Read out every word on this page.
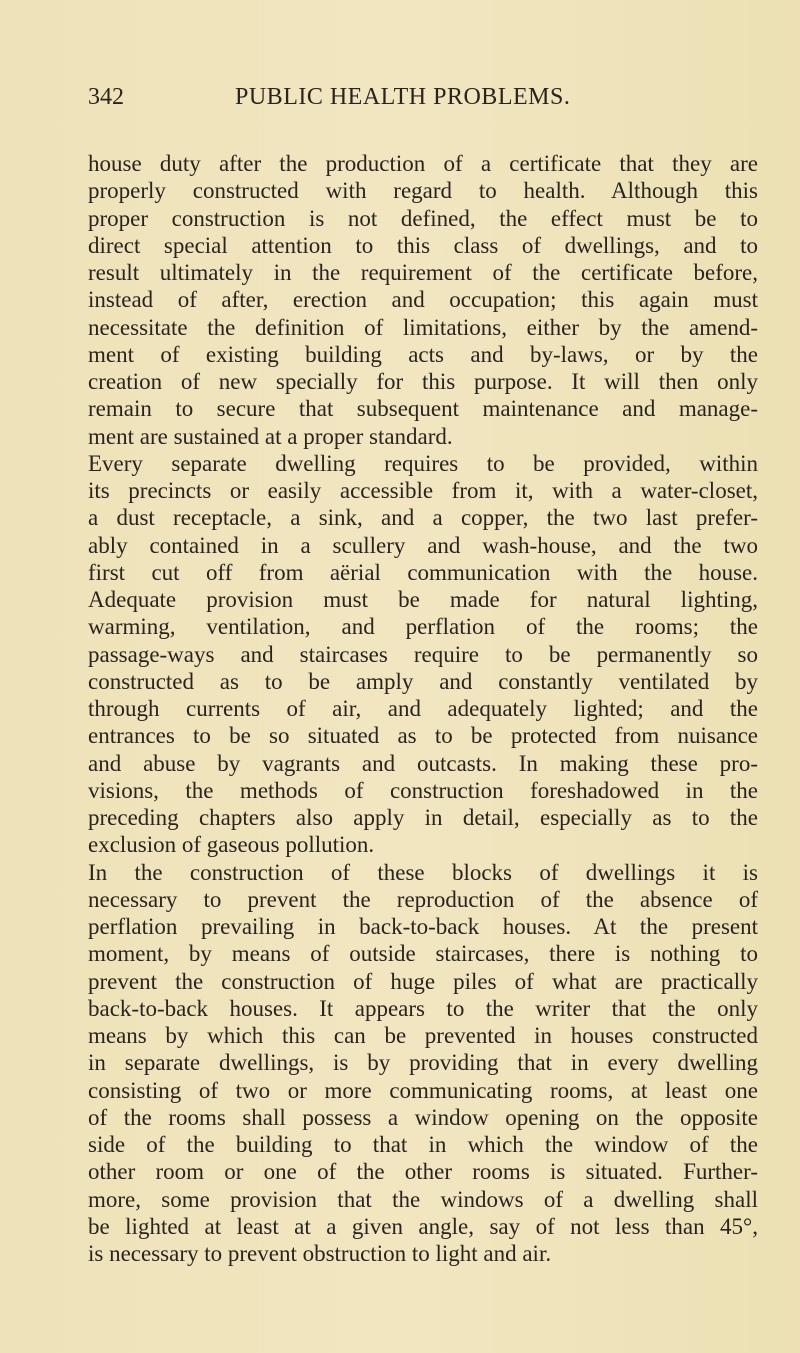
342	PUBLIC HEALTH PROBLEMS.
house duty after the production of a certificate that they are
properly constructed with regard to health. Although this
proper construction is not defined, the effect must be to
direct special attention to this class of dwellings, and to
result ultimately in the requirement of the certificate before,
instead of after, erection and occupation; this again must
necessitate the definition of limitations, either by the amend-
ment of existing building acts and by-laws, or by the
creation of new specially for this purpose. It will then only
remain to secure that subsequent maintenance and manage-
ment are sustained at a proper standard.
Every separate dwelling requires to be provided, within
its precincts or easily accessible from it, with a water-closet,
a dust receptacle, a sink, and a copper, the two last prefer-
ably contained in a scullery and wash-house, and the two
first cut off from aërial communication with the house.
Adequate provision must be made for natural lighting,
warming, ventilation, and perflation of the rooms; the
passage-ways and staircases require to be permanently so
constructed as to be amply and constantly ventilated by
through currents of air, and adequately lighted; and the
entrances to be so situated as to be protected from nuisance
and abuse by vagrants and outcasts. In making these pro-
visions, the methods of construction foreshadowed in the
preceding chapters also apply in detail, especially as to the
exclusion of gaseous pollution.
In the construction of these blocks of dwellings it is
necessary to prevent the reproduction of the absence of
perflation prevailing in back-to-back houses. At the present
moment, by means of outside staircases, there is nothing to
prevent the construction of huge piles of what are practically
back-to-back houses. It appears to the writer that the only
means by which this can be prevented in houses constructed
in separate dwellings, is by providing that in every dwelling
consisting of two or more communicating rooms, at least one
of the rooms shall possess a window opening on the opposite
side of the building to that in which the window of the
other room or one of the other rooms is situated. Further-
more, some provision that the windows of a dwelling shall
be lighted at least at a given angle, say of not less than 45°,
is necessary to prevent obstruction to light and air.
